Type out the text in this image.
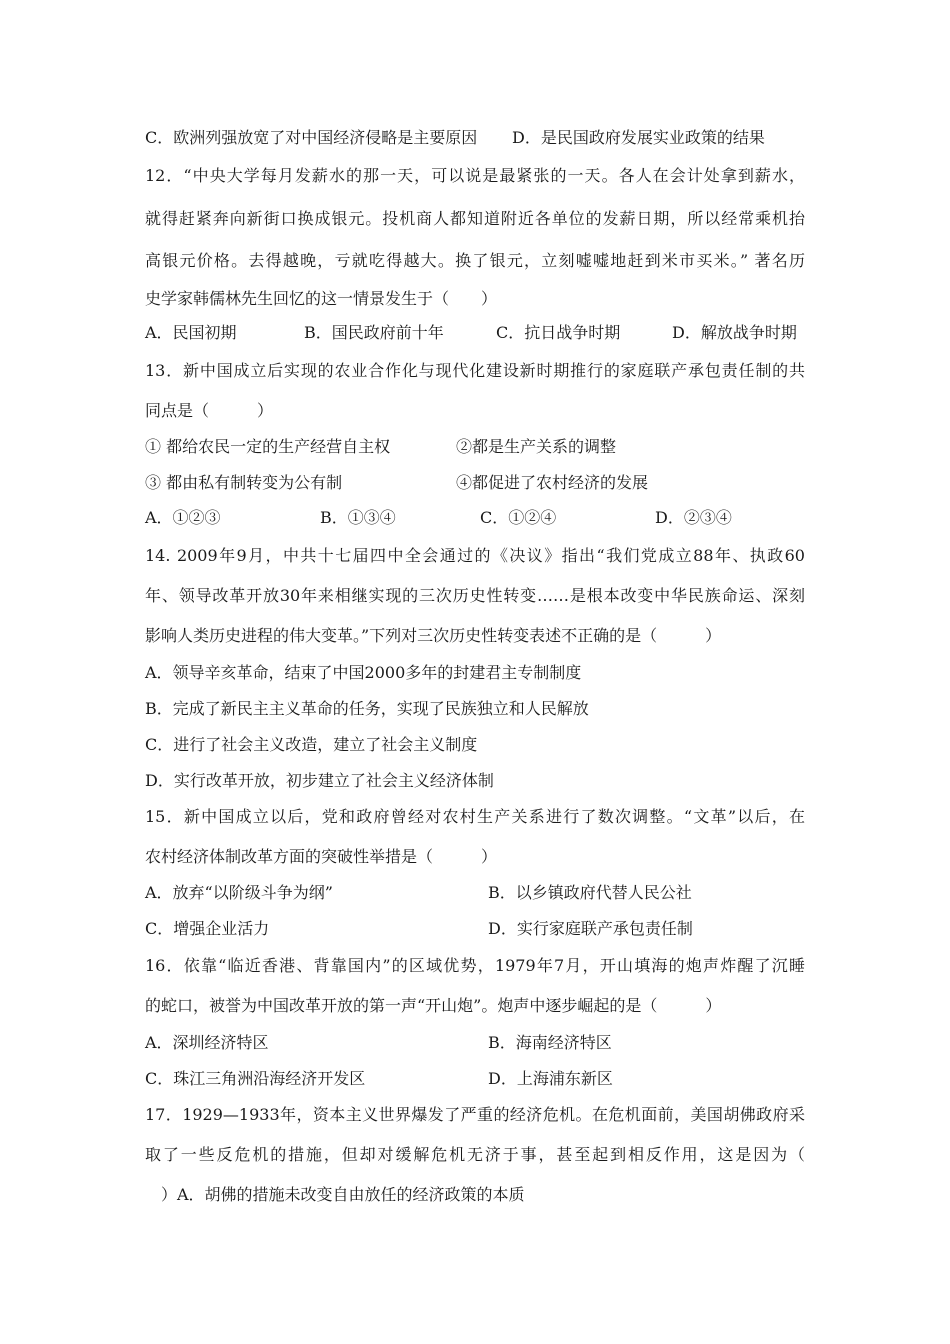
C．欧洲列强放宽了对中国经济侵略是主要原因 D．是民国政府发展实业政策的结果

12．“中央大学每月发薪水的那一天，可以说是最紧张的一天。各人在会计处拿到薪水，

就得赶紧奔向新街口换成银元。投机商人都知道附近各单位的发薪日期，所以经常乘机抬

高银元价格。去得越晚，亏就吃得越大。换了银元，立刻嘘嘘地赶到米市买米。” 著名历

史学家韩儒林先生回忆的这一情景发生于（　　）

A．民国初期	B．国民政府前十年	C．抗日战争时期	D．解放战争时期

13．新中国成立后实现的农业合作化与现代化建设新时期推行的家庭联产承包责任制的共

同点是（　　　）

① 都给农民一定的生产经营自主权	②都是生产关系的调整
③ 都由私有制转变为公有制	④都促进了农村经济的发展
A．①②③	B．①③④	C．①②④	D．②③④

14. 2009年9月，中共十七届四中全会通过的《决议》指出“我们党成立88年、执政60

年、领导改革开放30年来相继实现的三次历史性转变……是根本改变中华民族命运、深刻

影响人类历史进程的伟大变革。”下列对三次历史性转变表述不正确的是（　　　）

A．领导辛亥革命，结束了中国2000多年的封建君主专制制度
B．完成了新民主主义革命的任务，实现了民族独立和人民解放
C．进行了社会主义改造，建立了社会主义制度
D．实行改革开放，初步建立了社会主义经济体制

15．新中国成立以后，党和政府曾经对农村生产关系进行了数次调整。“文革”以后，在

农村经济体制改革方面的突破性举措是（　　　）

A．放弃“以阶级斗争为纲”	B．以乡镇政府代替人民公社
C．增强企业活力	D．实行家庭联产承包责任制

16．依靠“临近香港、背靠国内”的区域优势，1979年7月，开山填海的炮声炸醒了沉睡

的蛇口，被誉为中国改革开放的第一声“开山炮”。炮声中逐步崛起的是（　　　）

A．深圳经济特区	B．海南经济特区
C．珠江三角洲沿海经济开发区	D．上海浦东新区

17．1929—1933年，资本主义世界爆发了严重的经济危机。在危机面前，美国胡佛政府采

取了一些反危机的措施，但却对缓解危机无济于事，甚至起到相反作用，这是因为（

　）A．胡佛的措施未改变自由放任的经济政策的本质
